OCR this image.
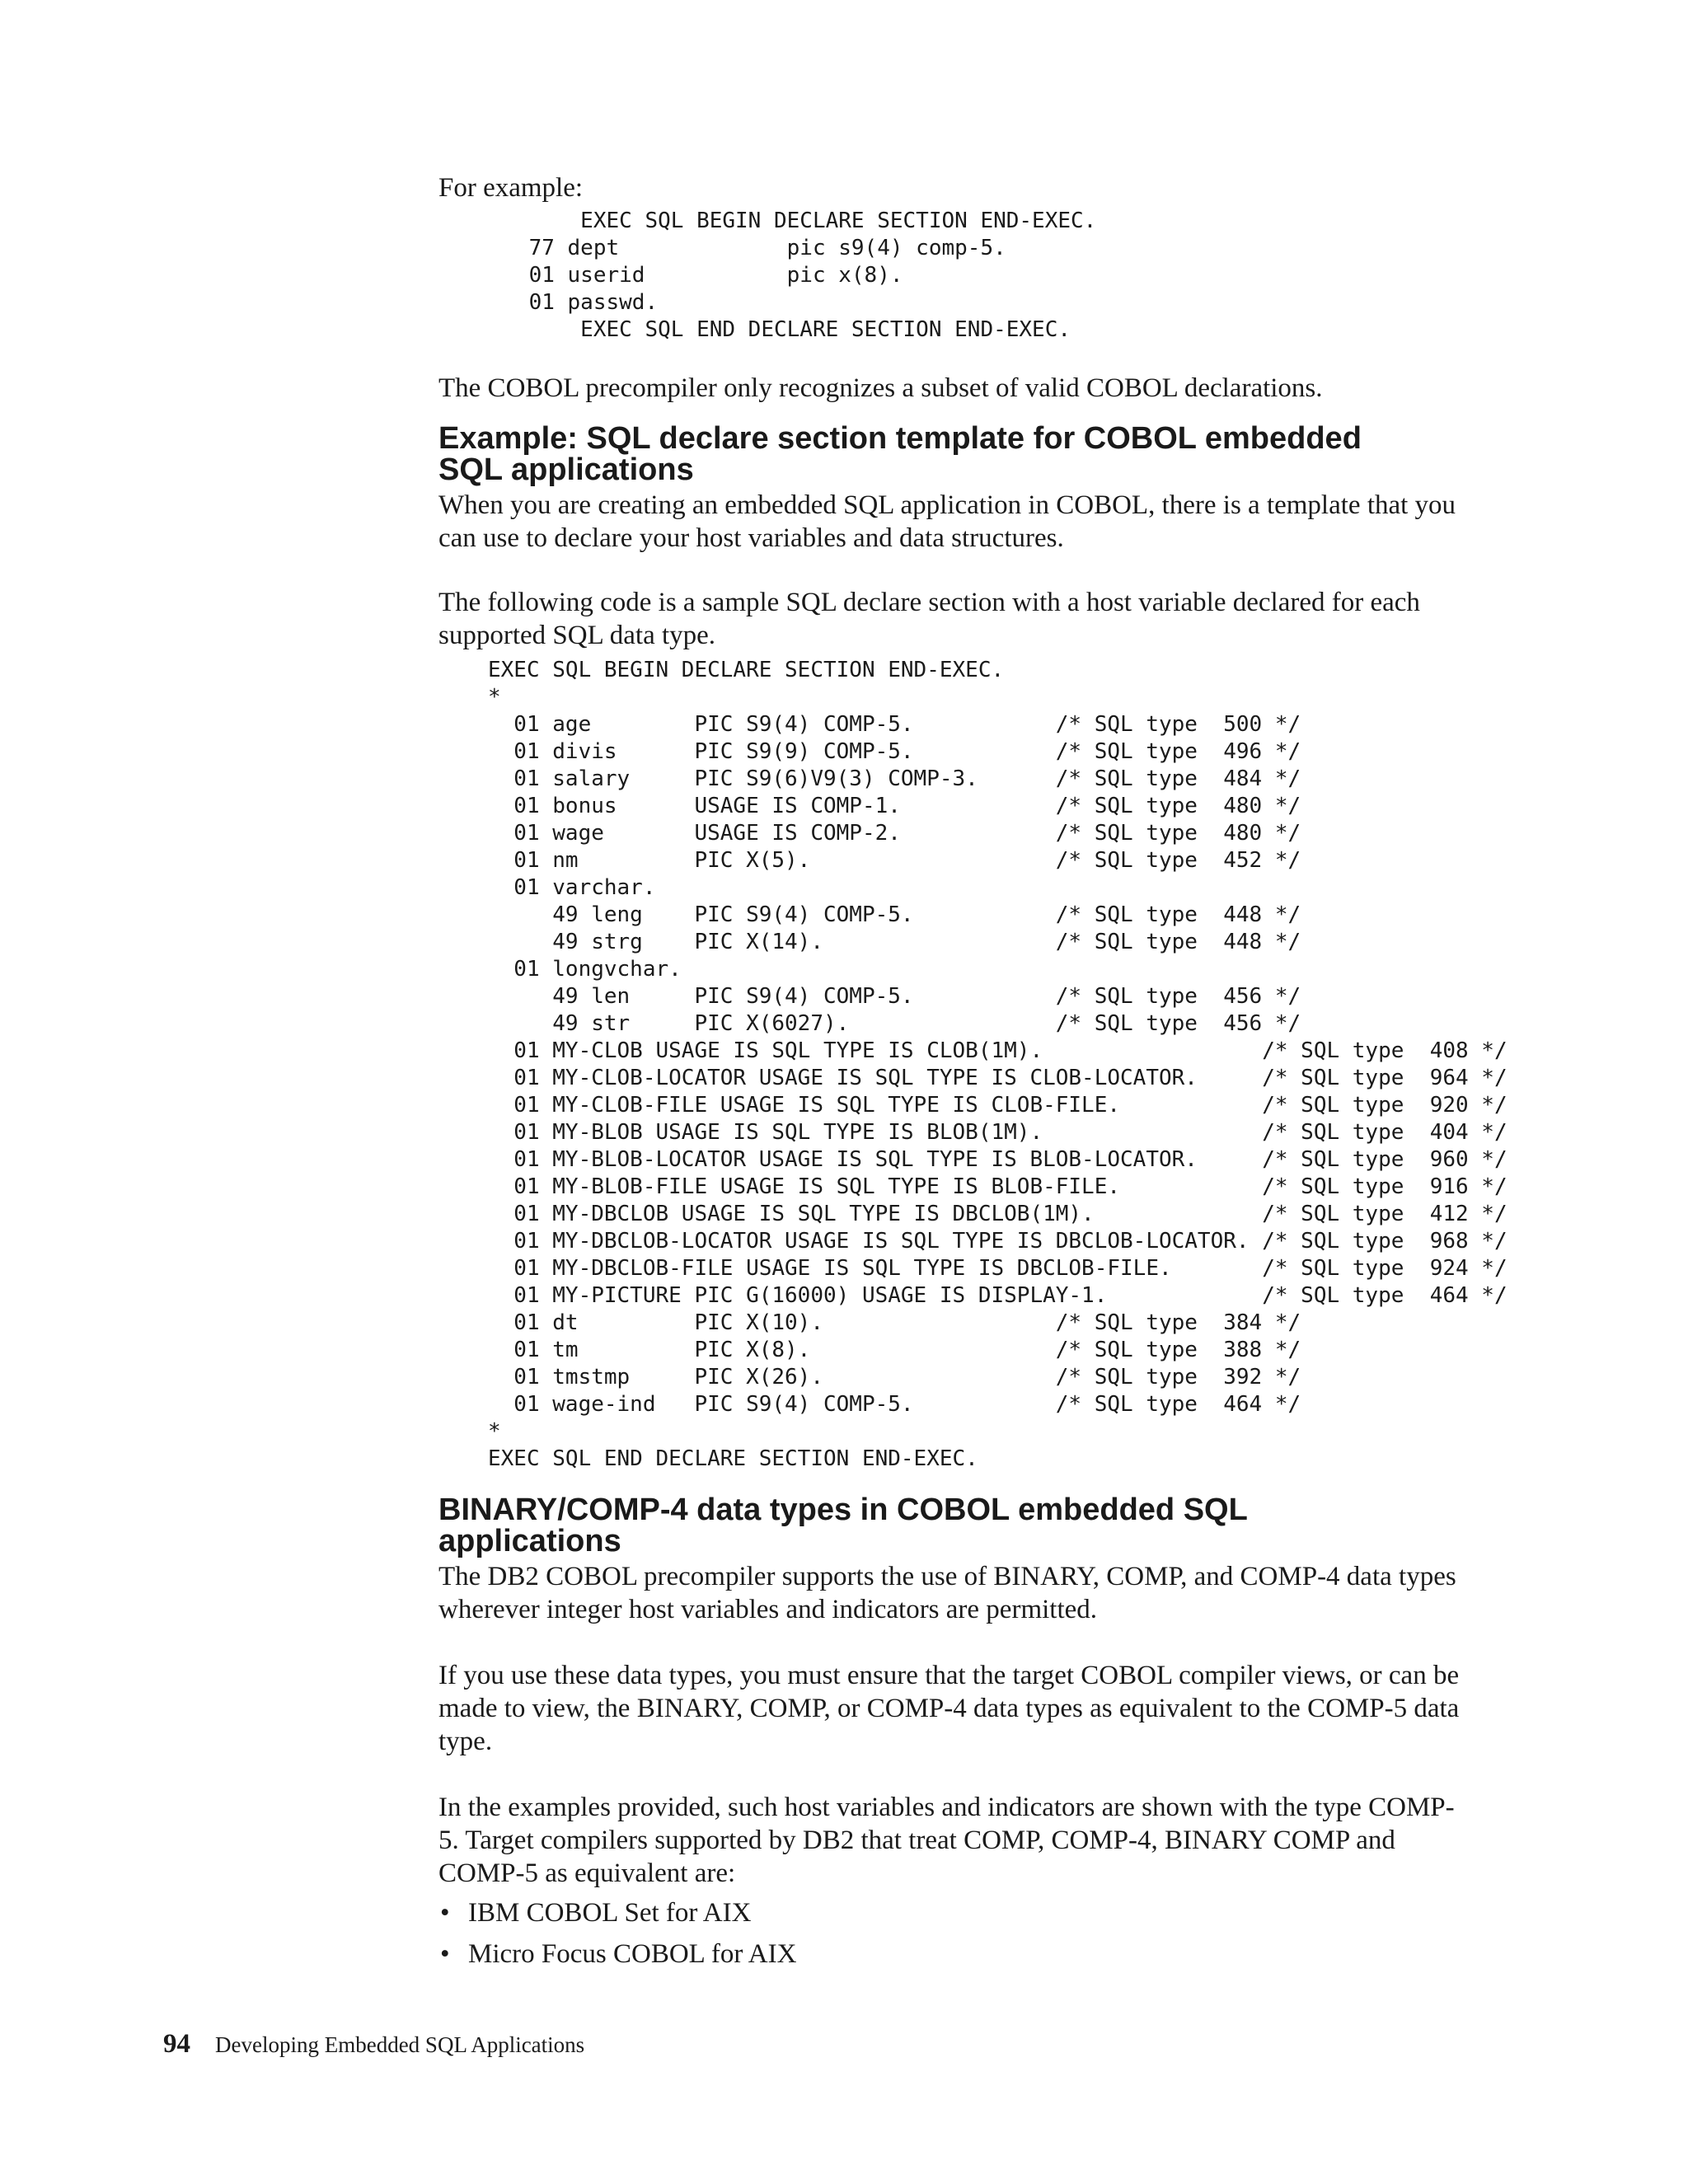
For example:

EXEC SQL BEGIN DECLARE SECTION END-EXEC.
77 dept             pic s9(4) comp-5.
01 userid           pic x(8).
01 passwd.
EXEC SQL END DECLARE SECTION END-EXEC.

The COBOL precompiler only recognizes a subset of valid COBOL declarations.

Example: SQL declare section template for COBOL embedded
SQL applications

When you are creating an embedded SQL application in COBOL, there is a template that you can use to declare your host variables and data structures.

The following code is a sample SQL declare section with a host variable declared for each supported SQL data type.

EXEC SQL BEGIN DECLARE SECTION END-EXEC.
*
01 age        PIC S9(4) COMP-5.           /* SQL type  500 */
01 divis      PIC S9(9) COMP-5.           /* SQL type  496 */
01 salary     PIC S9(6)V9(3) COMP-3.      /* SQL type  484 */
01 bonus      USAGE IS COMP-1.            /* SQL type  480 */
01 wage       USAGE IS COMP-2.            /* SQL type  480 */
01 nm         PIC X(5).                   /* SQL type  452 */
01 varchar.
49 leng    PIC S9(4) COMP-5.           /* SQL type  448 */
49 strg    PIC X(14).                  /* SQL type  448 */
01 longvchar.
49 len     PIC S9(4) COMP-5.           /* SQL type  456 */
49 str     PIC X(6027).                /* SQL type  456 */
01 MY-CLOB USAGE IS SQL TYPE IS CLOB(1M).                 /* SQL type  408 */
01 MY-CLOB-LOCATOR USAGE IS SQL TYPE IS CLOB-LOCATOR.     /* SQL type  964 */
01 MY-CLOB-FILE USAGE IS SQL TYPE IS CLOB-FILE.           /* SQL type  920 */
01 MY-BLOB USAGE IS SQL TYPE IS BLOB(1M).                 /* SQL type  404 */
01 MY-BLOB-LOCATOR USAGE IS SQL TYPE IS BLOB-LOCATOR.     /* SQL type  960 */
01 MY-BLOB-FILE USAGE IS SQL TYPE IS BLOB-FILE.           /* SQL type  916 */
01 MY-DBCLOB USAGE IS SQL TYPE IS DBCLOB(1M).             /* SQL type  412 */
01 MY-DBCLOB-LOCATOR USAGE IS SQL TYPE IS DBCLOB-LOCATOR. /* SQL type  968 */
01 MY-DBCLOB-FILE USAGE IS SQL TYPE IS DBCLOB-FILE.       /* SQL type  924 */
01 MY-PICTURE PIC G(16000) USAGE IS DISPLAY-1.            /* SQL type  464 */
01 dt         PIC X(10).                  /* SQL type  384 */
01 tm         PIC X(8).                   /* SQL type  388 */
01 tmstmp     PIC X(26).                  /* SQL type  392 */
01 wage-ind   PIC S9(4) COMP-5.           /* SQL type  464 */
*
EXEC SQL END DECLARE SECTION END-EXEC.
BINARY/COMP-4 data types in COBOL embedded SQL
applications

The DB2 COBOL precompiler supports the use of BINARY, COMP, and COMP-4 data types wherever integer host variables and indicators are permitted.

If you use these data types, you must ensure that the target COBOL compiler views, or can be made to view, the BINARY, COMP, or COMP-4 data types as equivalent to the COMP-5 data type.

In the examples provided, such host variables and indicators are shown with the type COMP-5. Target compilers supported by DB2 that treat COMP, COMP-4, BINARY COMP and COMP-5 as equivalent are:

• IBM COBOL Set for AIX
• Micro Focus COBOL for AIX
94 Developing Embedded SQL Applications
